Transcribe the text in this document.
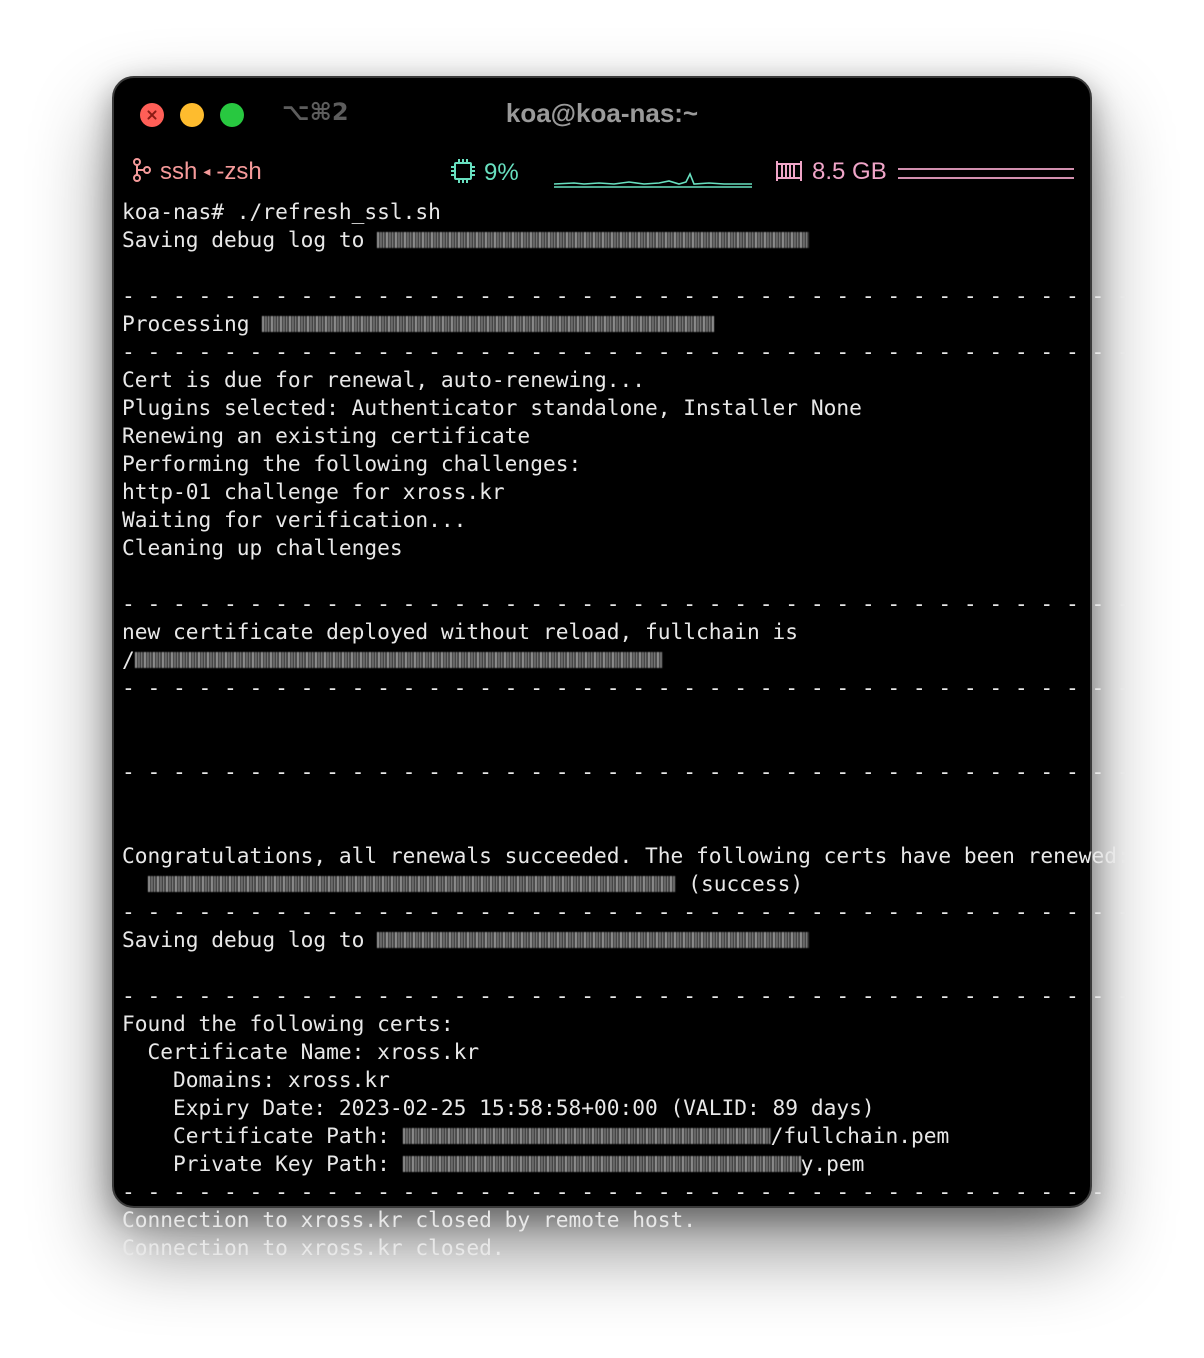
⌥⌘2	koa@koa-nas:~
ssh ◂ -zsh	9%	8.5 GB
koa-nas# ./refresh_ssl.sh
Saving debug log to
- - - - - - - - - - - - - - - - - - - - - - - - - - - - - - - - - - - - - - - -
Processing
- - - - - - - - - - - - - - - - - - - - - - - - - - - - - - - - - - - - - - - -
Cert is due for renewal, auto-renewing...
Plugins selected: Authenticator standalone, Installer None
Renewing an existing certificate
Performing the following challenges:
http-01 challenge for xross.kr
Waiting for verification...
Cleaning up challenges
- - - - - - - - - - - - - - - - - - - - - - - - - - - - - - - - - - - - - - - -
new certificate deployed without reload, fullchain is
/
- - - - - - - - - - - - - - - - - - - - - - - - - - - - - - - - - - - - - - - -
- - - - - - - - - - - - - - - - - - - - - - - - - - - - - - - - - - - - - - - -
Congratulations, all renewals succeeded. The following certs have been renewed:
(success)
- - - - - - - - - - - - - - - - - - - - - - - - - - - - - - - - - - - - - - - -
Saving debug log to
- - - - - - - - - - - - - - - - - - - - - - - - - - - - - - - - - - - - - - - -
Found the following certs:
Certificate Name: xross.kr
Domains: xross.kr
Expiry Date: 2023-02-25 15:58:58+00:00 (VALID: 89 days)
Certificate Path:	/fullchain.pem
Private Key Path:	y.pem
- - - - - - - - - - - - - - - - - - - - - - - - - - - - - - - - - - - - - - - -
Connection to xross.kr closed by remote host.
Connection to xross.kr closed.
